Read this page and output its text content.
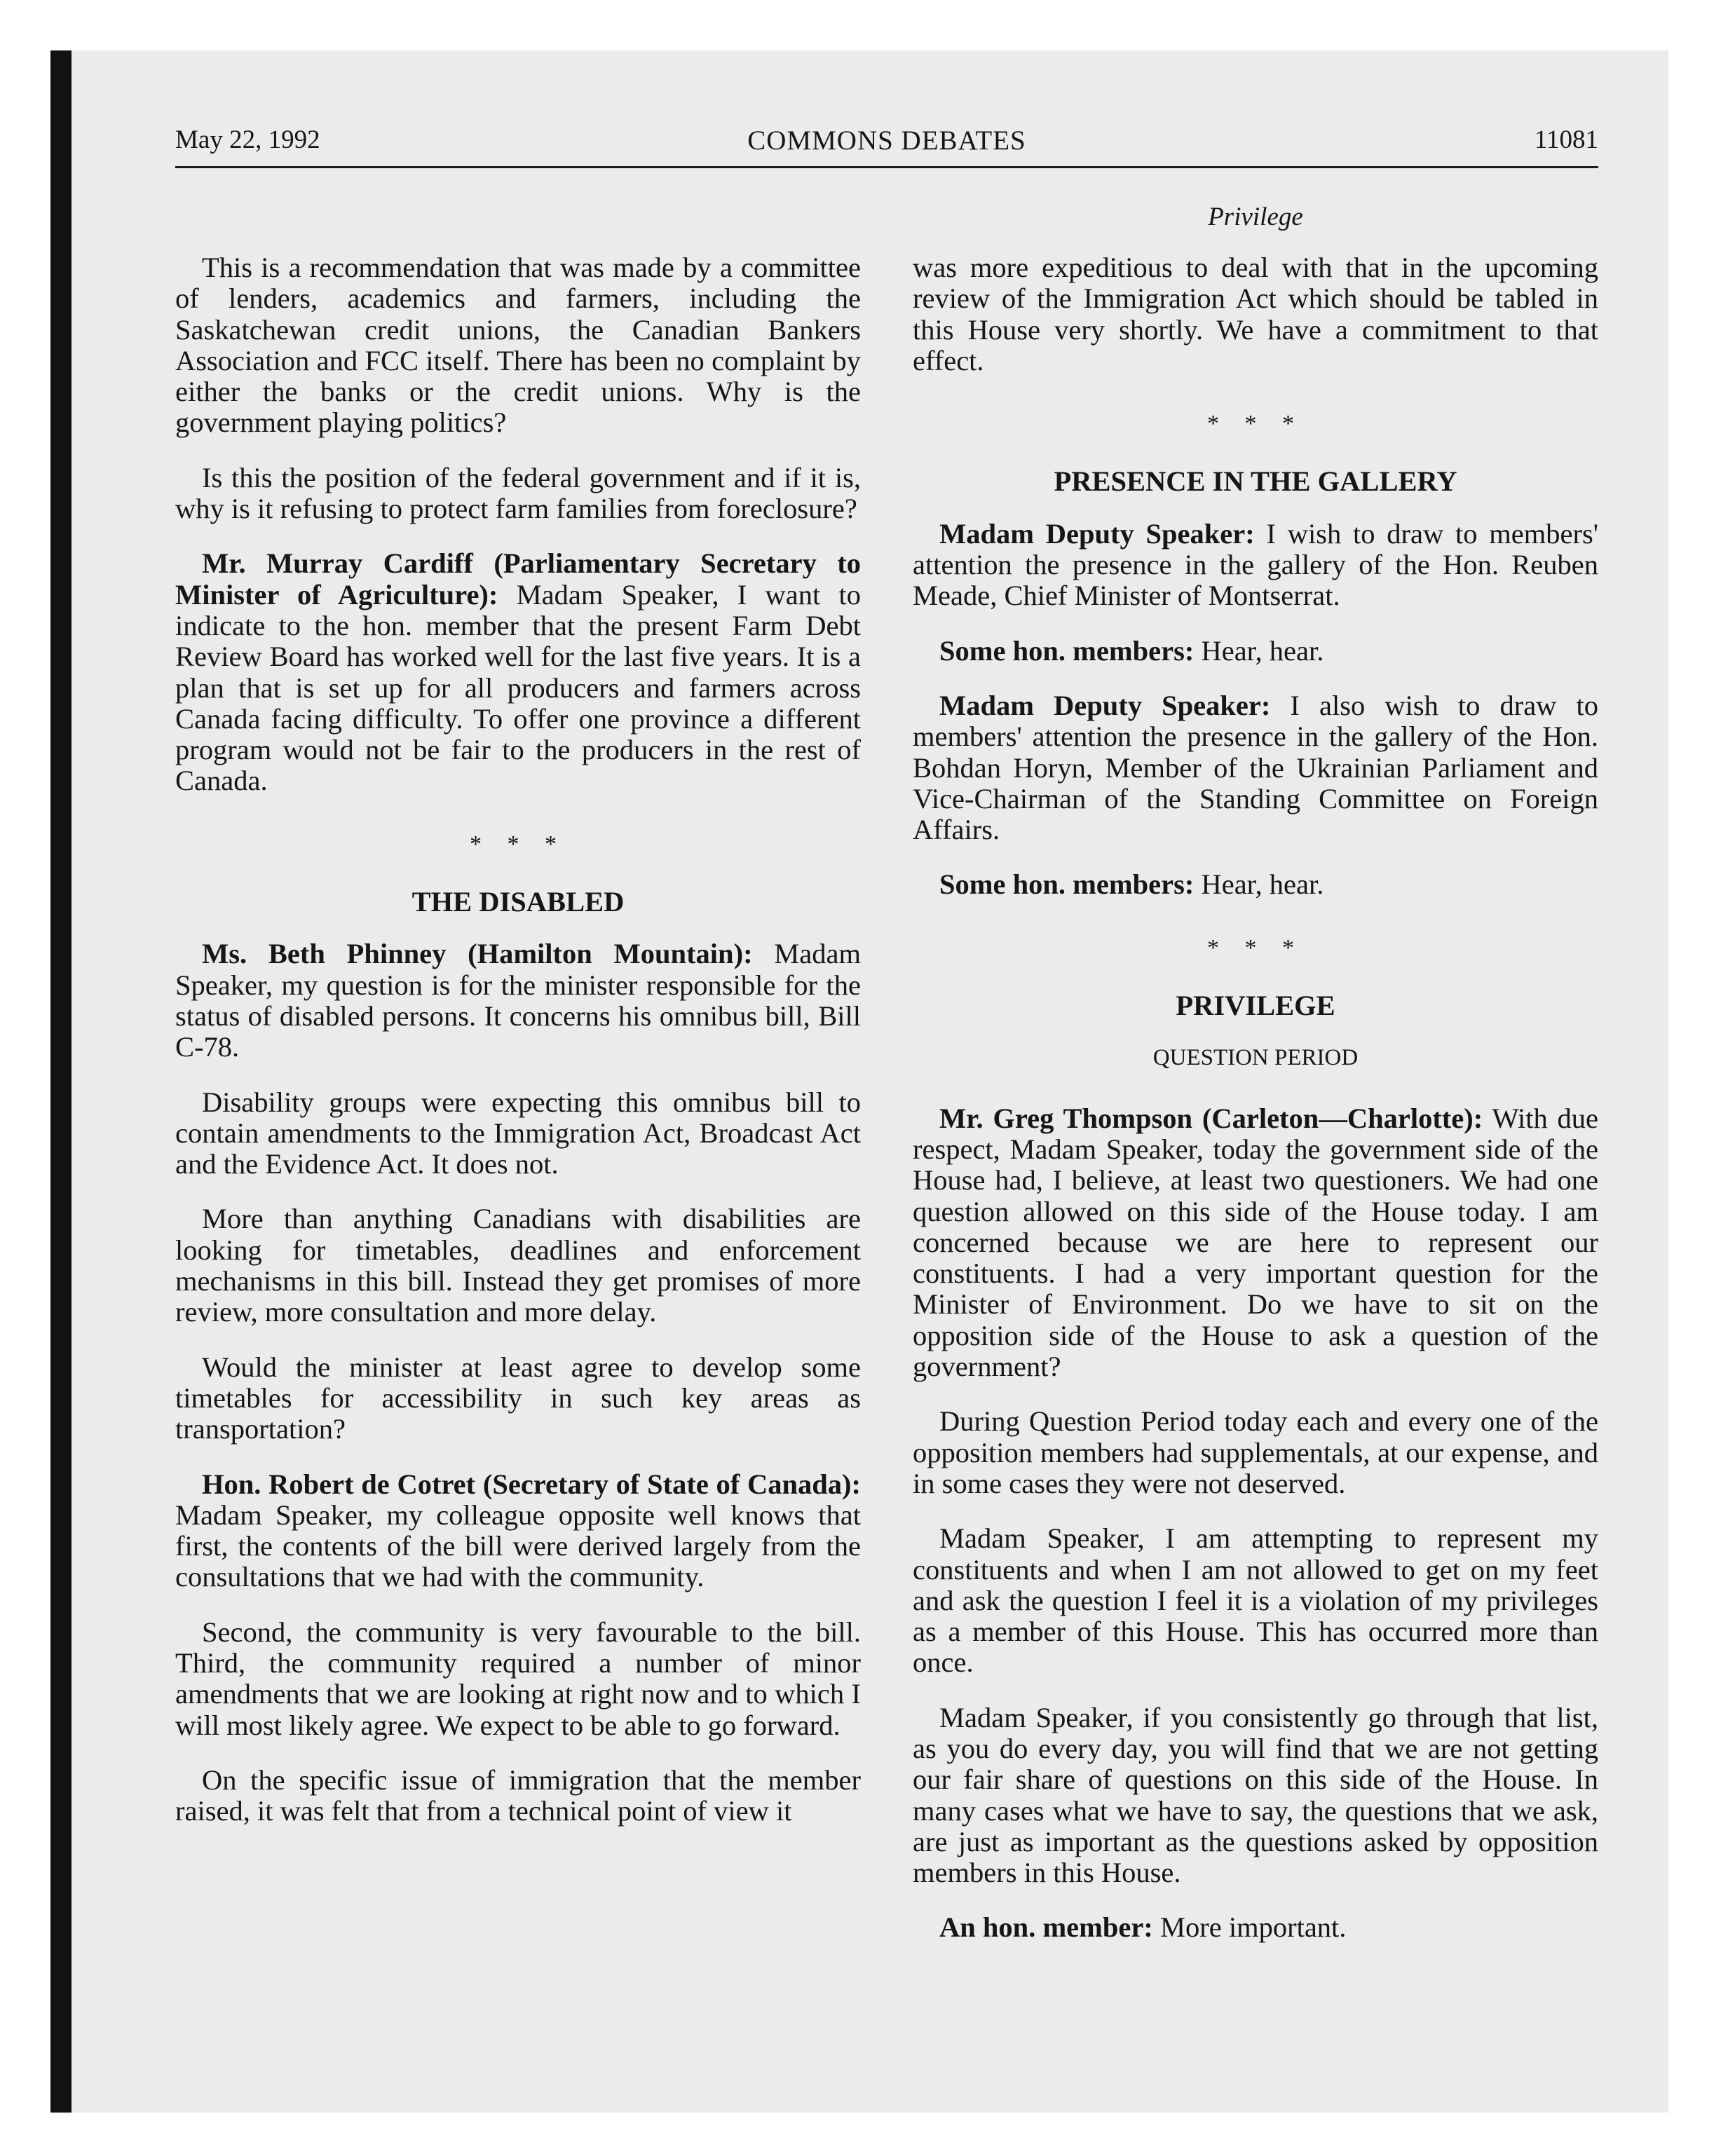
May 22, 1992	COMMONS DEBATES	11081
Privilege

This is a recommendation that was made by a committee of lenders, academics and farmers, including the Saskatchewan credit unions, the Canadian Bankers Association and FCC itself. There has been no complaint by either the banks or the credit unions. Why is the government playing politics?

Is this the position of the federal government and if it is, why is it refusing to protect farm families from foreclosure?

Mr. Murray Cardiff (Parliamentary Secretary to Minister of Agriculture): Madam Speaker, I want to indicate to the hon. member that the present Farm Debt Review Board has worked well for the last five years. It is a plan that is set up for all producers and farmers across Canada facing difficulty. To offer one province a different program would not be fair to the producers in the rest of Canada.

* * *
THE DISABLED

Ms. Beth Phinney (Hamilton Mountain): Madam Speaker, my question is for the minister responsible for the status of disabled persons. It concerns his omnibus bill, Bill C-78.

Disability groups were expecting this omnibus bill to contain amendments to the Immigration Act, Broadcast Act and the Evidence Act. It does not.

More than anything Canadians with disabilities are looking for timetables, deadlines and enforcement mechanisms in this bill. Instead they get promises of more review, more consultation and more delay.

Would the minister at least agree to develop some timetables for accessibility in such key areas as transportation?

Hon. Robert de Cotret (Secretary of State of Canada): Madam Speaker, my colleague opposite well knows that first, the contents of the bill were derived largely from the consultations that we had with the community.

Second, the community is very favourable to the bill. Third, the community required a number of minor amendments that we are looking at right now and to which I will most likely agree. We expect to be able to go forward.

On the specific issue of immigration that the member raised, it was felt that from a technical point of view it

was more expeditious to deal with that in the upcoming review of the Immigration Act which should be tabled in this House very shortly. We have a commitment to that effect.

* * *
PRESENCE IN THE GALLERY

Madam Deputy Speaker: I wish to draw to members' attention the presence in the gallery of the Hon. Reuben Meade, Chief Minister of Montserrat.

Some hon. members: Hear, hear.

Madam Deputy Speaker: I also wish to draw to members' attention the presence in the gallery of the Hon. Bohdan Horyn, Member of the Ukrainian Parliament and Vice-Chairman of the Standing Committee on Foreign Affairs.

Some hon. members: Hear, hear.

* * *
PRIVILEGE
QUESTION PERIOD

Mr. Greg Thompson (Carleton—Charlotte): With due respect, Madam Speaker, today the government side of the House had, I believe, at least two questioners. We had one question allowed on this side of the House today. I am concerned because we are here to represent our constituents. I had a very important question for the Minister of Environment. Do we have to sit on the opposition side of the House to ask a question of the government?

During Question Period today each and every one of the opposition members had supplementals, at our expense, and in some cases they were not deserved.

Madam Speaker, I am attempting to represent my constituents and when I am not allowed to get on my feet and ask the question I feel it is a violation of my privileges as a member of this House. This has occurred more than once.

Madam Speaker, if you consistently go through that list, as you do every day, you will find that we are not getting our fair share of questions on this side of the House. In many cases what we have to say, the questions that we ask, are just as important as the questions asked by opposition members in this House.

An hon. member: More important.
